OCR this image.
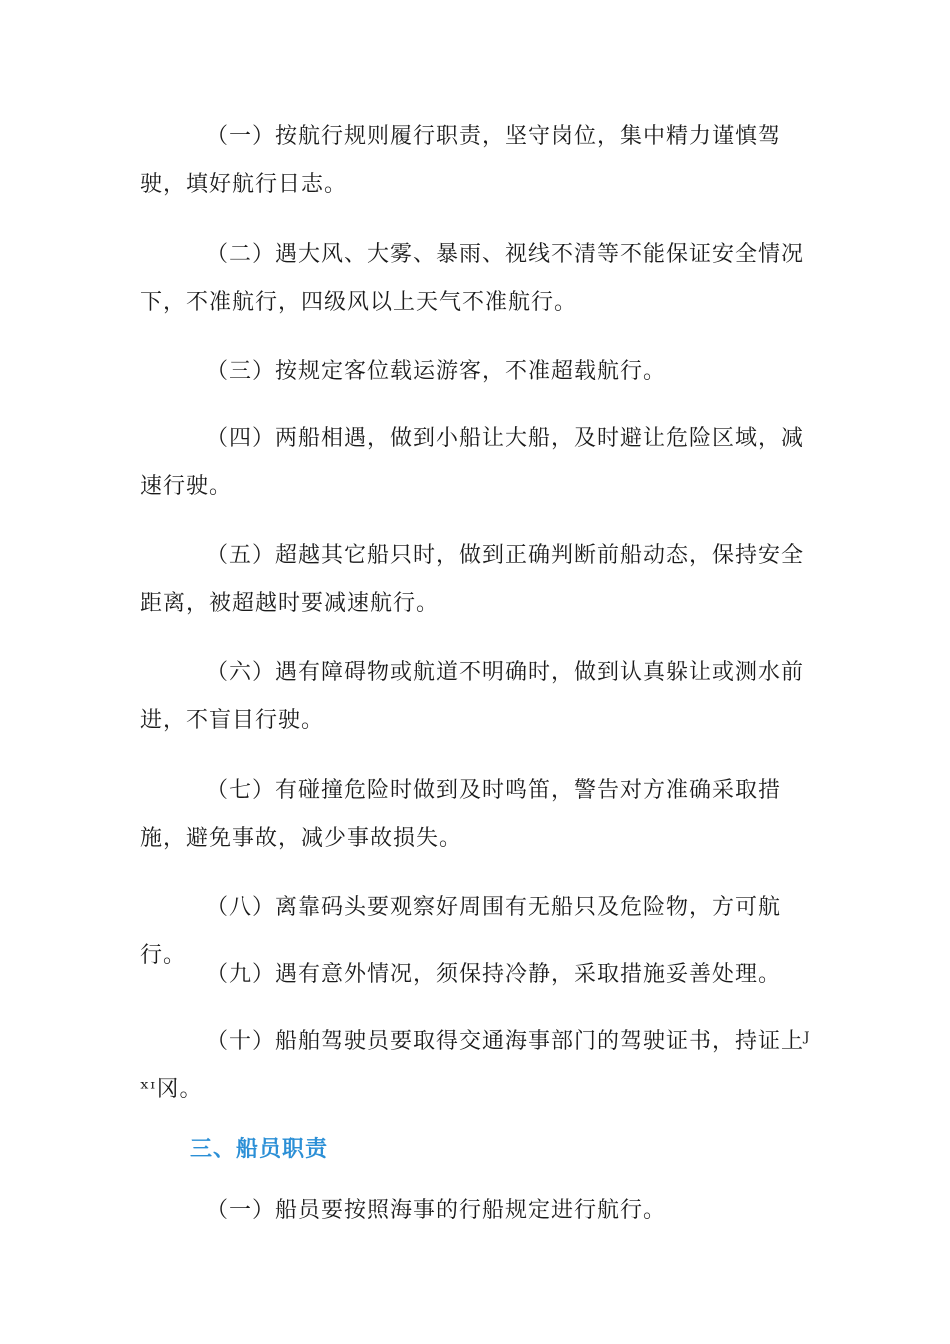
（一）按航行规则履行职责，坚守岗位，集中精力谨慎驾驶，填好航行日志。

（二）遇大风、大雾、暴雨、视线不清等不能保证安全情况下，不准航行，四级风以上天气不准航行。

（三）按规定客位载运游客，不准超载航行。

（四）两船相遇，做到小船让大船，及时避让危险区域，减速行驶。

（五）超越其它船只时，做到正确判断前船动态，保持安全距离，被超越时要减速航行。

（六）遇有障碍物或航道不明确时，做到认真躲让或测水前进，不盲目行驶。

（七）有碰撞危险时做到及时鸣笛，警告对方准确采取措施，避免事故，减少事故损失。

（八）离靠码头要观察好周围有无船只及危险物，方可航行。

（九）遇有意外情况，须保持冷静，采取措施妥善处理。

（十）船舶驾驶员要取得交通海事部门的驾驶证书，持证上ᴶˣᶦ冈。

三、船员职责

（一）船员要按照海事的行船规定进行航行。
